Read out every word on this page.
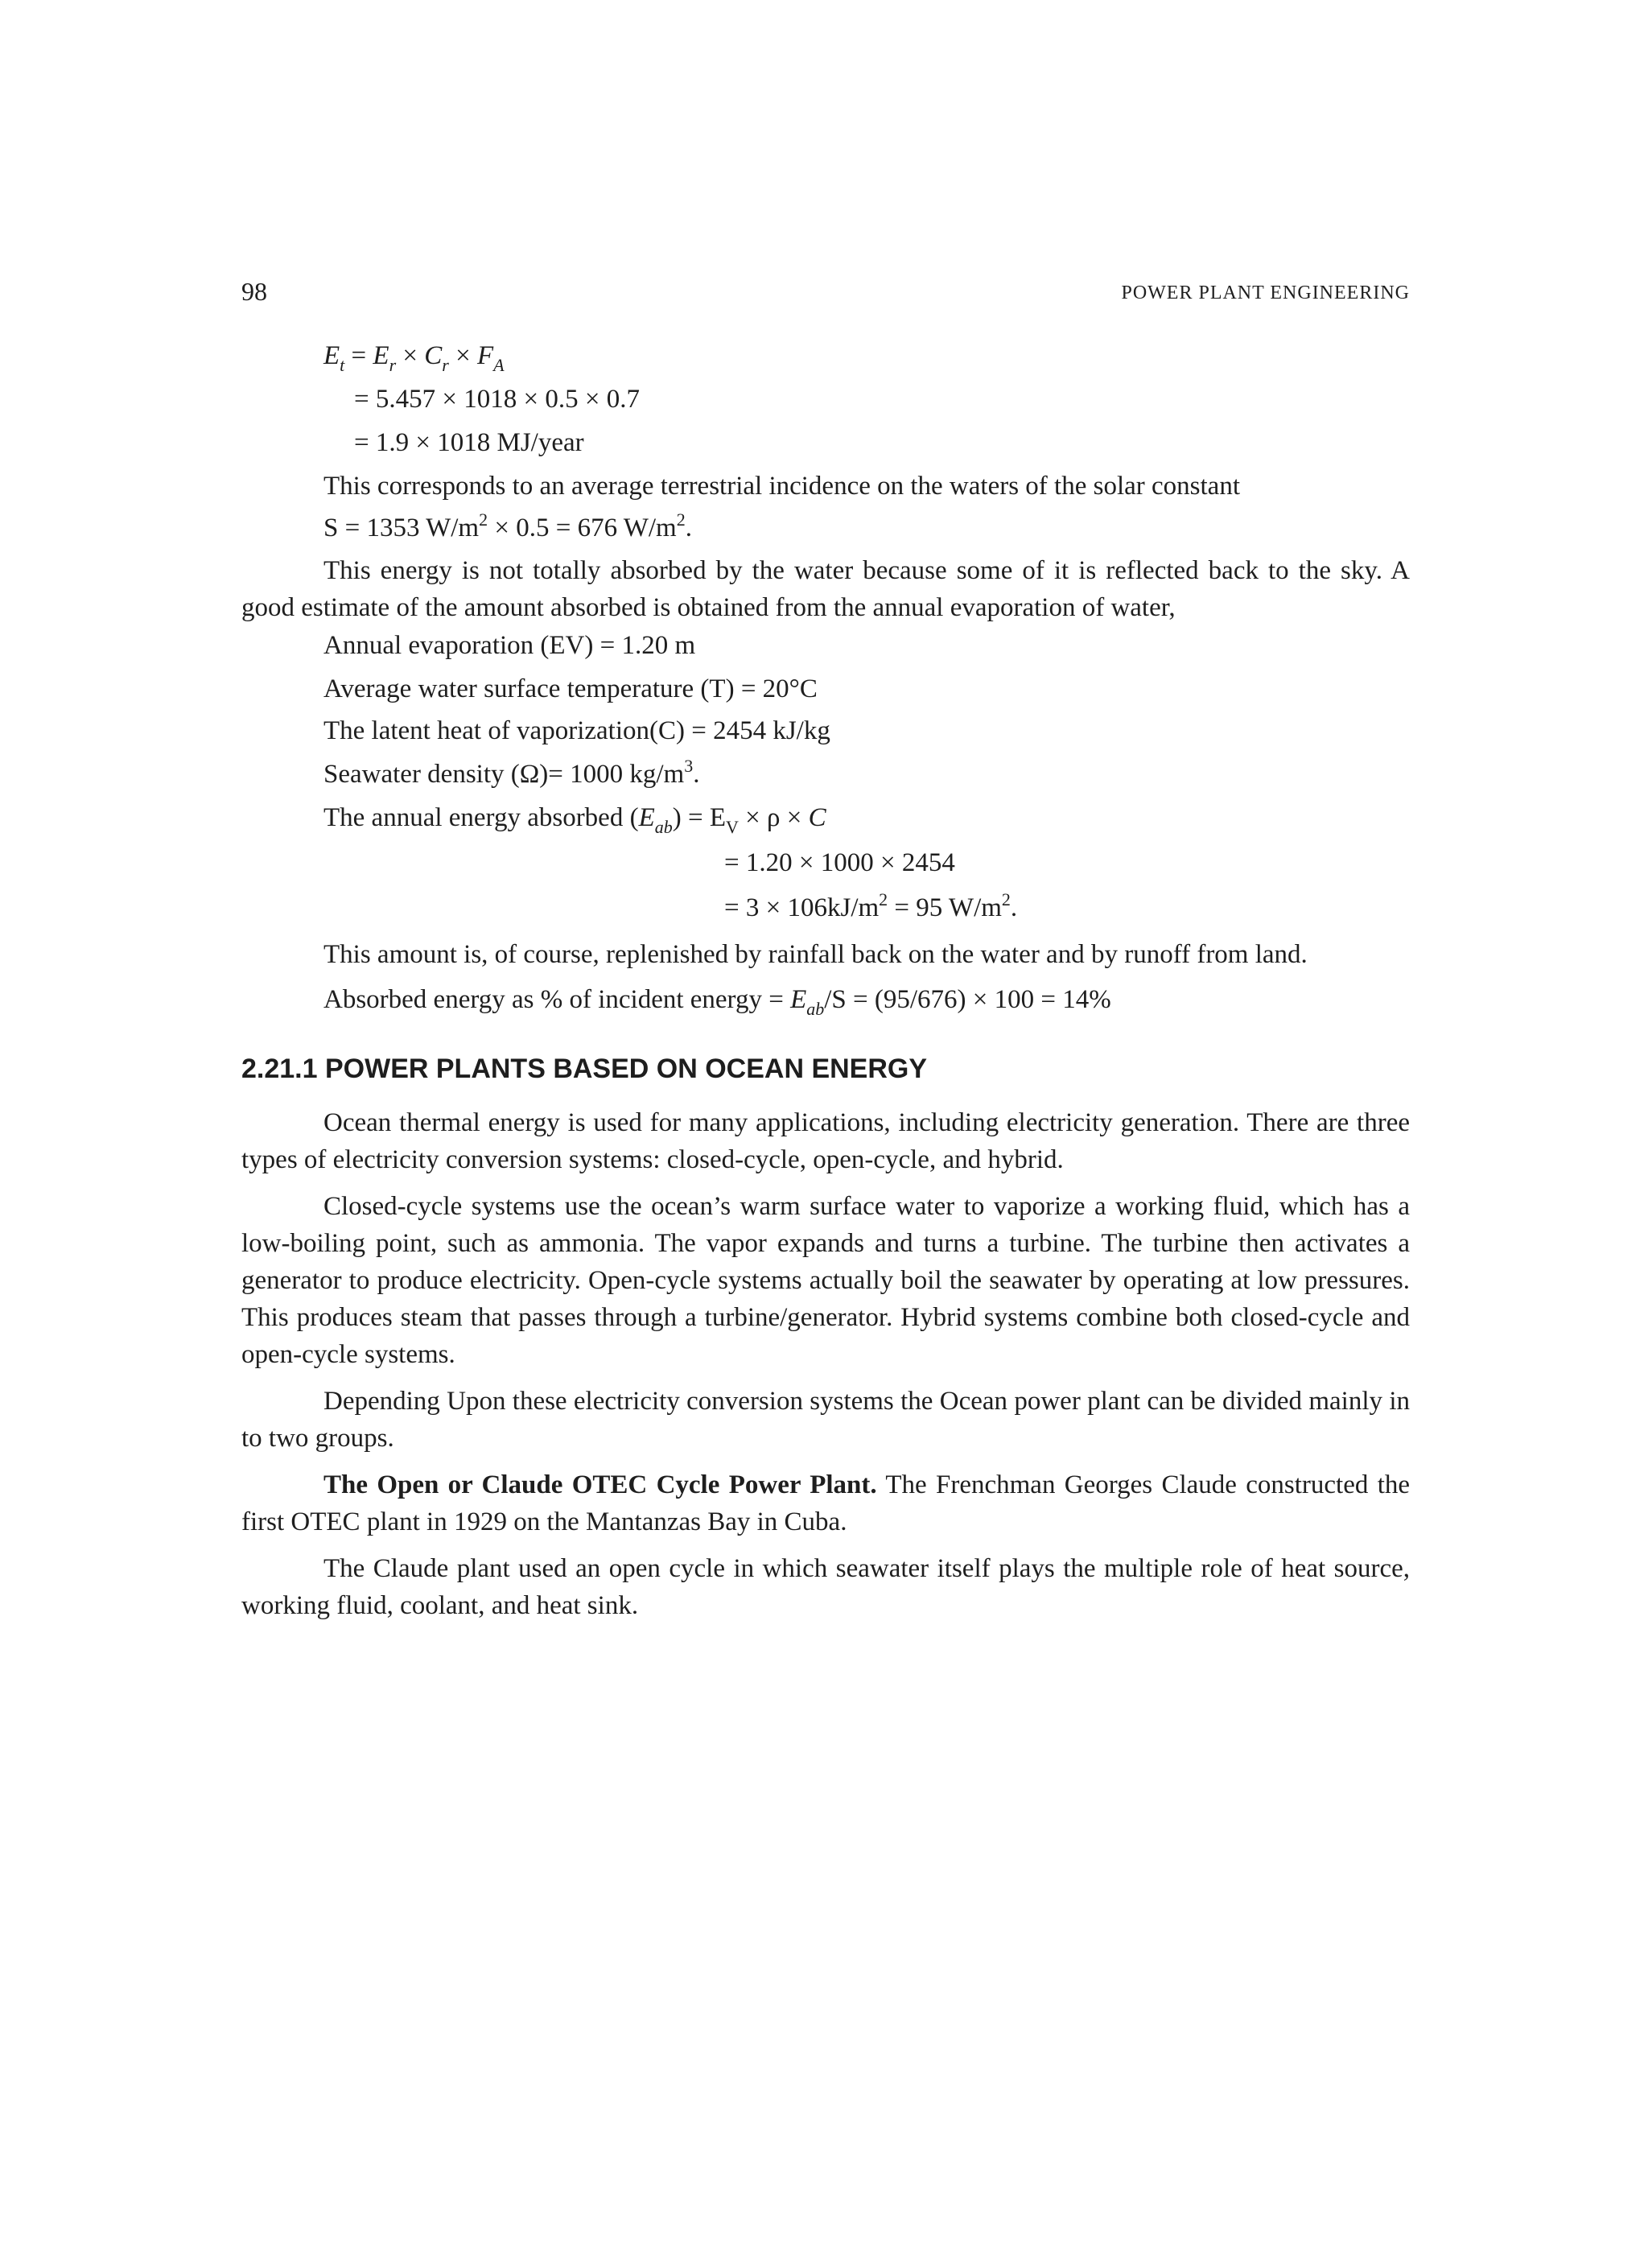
98	POWER PLANT ENGINEERING
$E_t = E_r \times C_r \times F_A$
= 5.457 × 1018 × 0.5 × 0.7
= 1.9 × 1018 MJ/year
This corresponds to an average terrestrial incidence on the waters of the solar constant
S = 1353 $W/m^2 \times 0.5 = 676$ $W/m^2$.
This energy is not totally absorbed by the water because some of it is reflected back to the sky. A good estimate of the amount absorbed is obtained from the annual evaporation of water,
Annual evaporation (EV) = 1.20 m
Average water surface temperature (T) = 20°C
The latent heat of vaporization(C) = 2454 kJ/kg
Seawater density (Ω)= 1000 $kg/m^3$.
The annual energy absorbed $(E_{ab}) = E_V \times \rho \times C$
= 1.20 × 1000 × 2454
= $3 \times 106kJ/m^2 = 95$ $W/m^2$.
This amount is, of course, replenished by rainfall back on the water and by runoff from land.
Absorbed energy as % of incident energy = $E_{ab}/S = (95/676) \times 100 = 14\%$
2.21.1 POWER PLANTS BASED ON OCEAN ENERGY
Ocean thermal energy is used for many applications, including electricity generation. There are three types of electricity conversion systems: closed-cycle, open-cycle, and hybrid.
Closed-cycle systems use the ocean’s warm surface water to vaporize a working fluid, which has a low-boiling point, such as ammonia. The vapor expands and turns a turbine. The turbine then activates a generator to produce electricity. Open-cycle systems actually boil the seawater by operating at low pressures. This produces steam that passes through a turbine/generator. Hybrid systems combine both closed-cycle and open-cycle systems.
Depending Upon these electricity conversion systems the Ocean power plant can be divided mainly in to two groups.
The Open or Claude OTEC Cycle Power Plant. The Frenchman Georges Claude constructed the first OTEC plant in 1929 on the Mantanzas Bay in Cuba.
The Claude plant used an open cycle in which seawater itself plays the multiple role of heat source, working fluid, coolant, and heat sink.
